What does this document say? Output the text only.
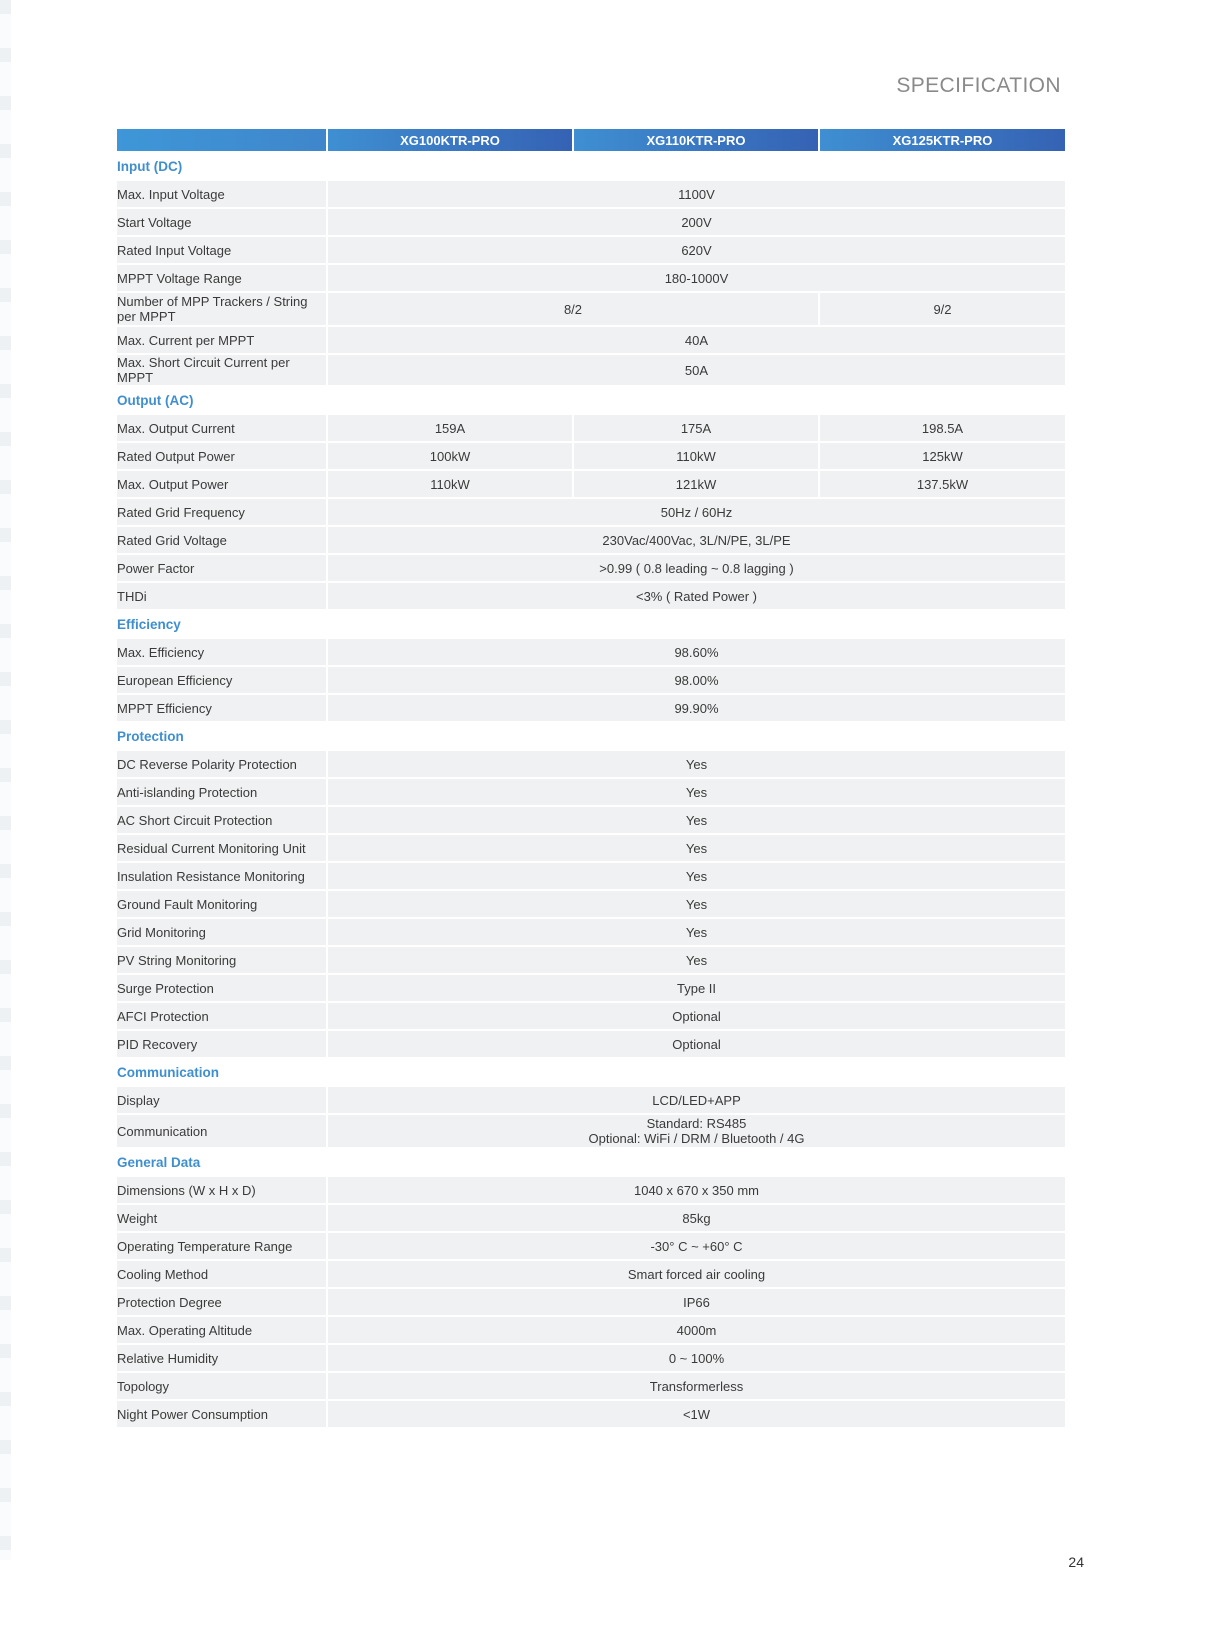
SPECIFICATION
	XG100KTR-PRO	XG110KTR-PRO	XG125KTR-PRO
Input (DC)			
Max. Input Voltage	1100V		
Start Voltage	200V		
Rated Input Voltage	620V		
MPPT Voltage Range	180-1000V		

Number of MPP Trackers / String per MPPT	8/2		9/2
Max. Current per MPPT	40A		
Max. Short Circuit Current per MPPT	50A		
Output (AC)			
Max. Output Current	159A	175A	198.5A
Rated Output Power	100kW	110kW	125kW
Max. Output Power	110kW	121kW	137.5kW
Rated Grid Frequency	50Hz / 60Hz		
Rated Grid Voltage	230Vac/400Vac, 3L/N/PE, 3L/PE		
Power Factor	>0.99 ( 0.8 leading ~ 0.8 lagging )		
THDi	<3% ( Rated Power )		
Efficiency			
Max. Efficiency	98.60%		
European Efficiency	98.00%		
MPPT Efficiency	99.90%		
Protection			
DC Reverse Polarity Protection	Yes		
Anti-islanding Protection	Yes		
AC Short Circuit Protection	Yes		
Residual Current Monitoring Unit	Yes		
Insulation Resistance Monitoring	Yes		
Ground Fault Monitoring	Yes		
Grid Monitoring	Yes		
PV String Monitoring	Yes		
Surge Protection	Type II		
AFCI Protection	Optional		
PID Recovery	Optional		
Communication			
Display	LCD/LED+APP		
Communication	Standard: RS485
Optional: WiFi / DRM / Bluetooth / 4G		

General Data			
Dimensions (W x H x D)	1040 x 670 x 350 mm		
Weight	85kg		
Operating Temperature Range	-30° C ~ +60° C		
Cooling Method	Smart forced air cooling		
Protection Degree	IP66		
Max. Operating Altitude	4000m		
Relative Humidity	0 ~ 100%		
Topology	Transformerless		
Night Power Consumption	<1W		
24
